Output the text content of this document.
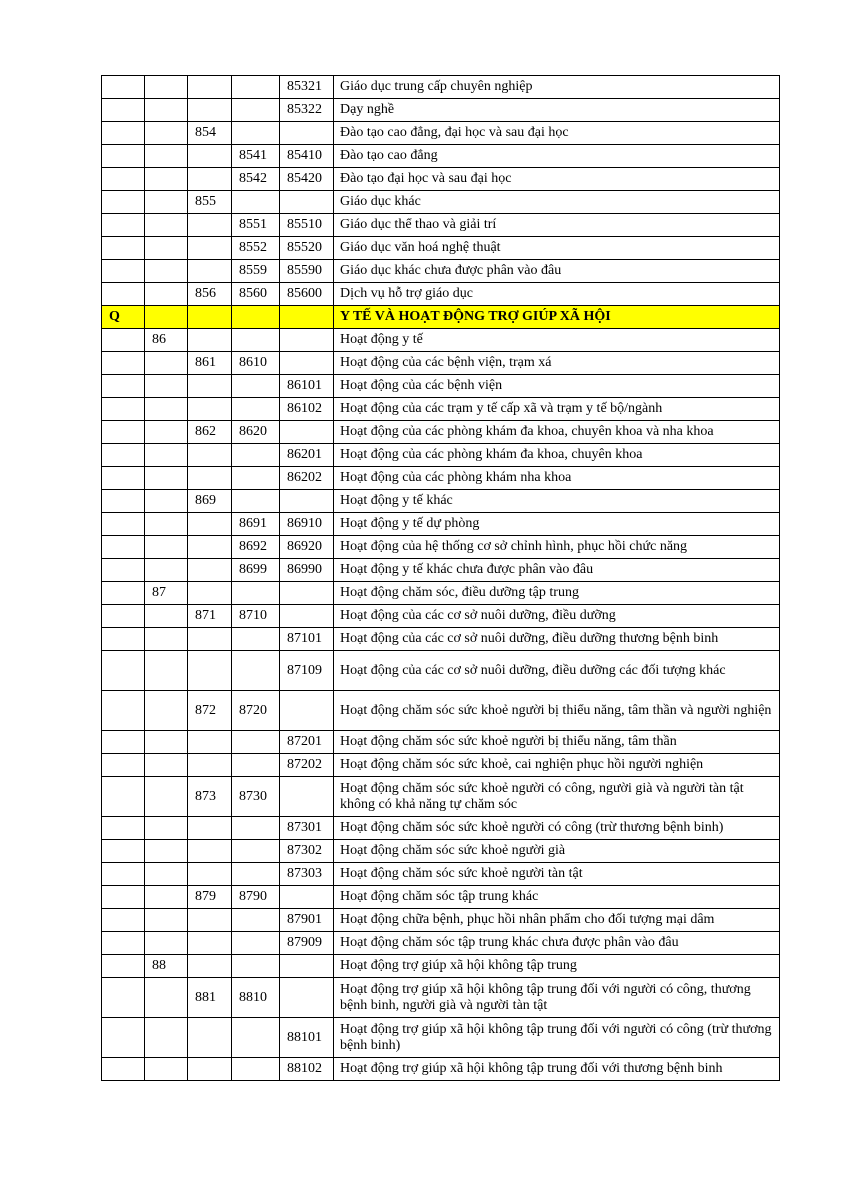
				85321	Giáo dục trung cấp chuyên nghiệp
				85322	Dạy nghề
		854			Đào tạo cao đẳng, đại học và sau đại học
			8541	85410	Đào tạo cao đẳng
			8542	85420	Đào tạo đại học và sau đại học
		855			Giáo dục khác
			8551	85510	Giáo dục thể thao và giải trí
			8552	85520	Giáo dục văn hoá nghệ thuật
			8559	85590	Giáo dục khác chưa được phân vào đâu
		856	8560	85600	Dịch vụ hỗ trợ giáo dục
Q					Y TẾ VÀ HOẠT ĐỘNG TRỢ GIÚP XÃ HỘI
	86				Hoạt động y tế
		861	8610		Hoạt động của các bệnh viện, trạm xá
				86101	Hoạt động của các bệnh viện
				86102	Hoạt động của các trạm y tế cấp xã và trạm y tế bộ/ngành
		862	8620		Hoạt động của các phòng khám đa khoa, chuyên khoa và nha khoa
				86201	Hoạt động của các phòng khám đa khoa, chuyên khoa
				86202	Hoạt động của các phòng khám nha khoa
		869			Hoạt động y tế khác
			8691	86910	Hoạt động y tế dự phòng
			8692	86920	Hoạt động của hệ thống cơ sở chỉnh hình, phục hồi chức năng
			8699	86990	Hoạt động y tế khác chưa được phân vào đâu
	87				Hoạt động chăm sóc, điều dưỡng tập trung
		871	8710		Hoạt động của các cơ sở nuôi dưỡng, điều dưỡng
				87101	Hoạt động của các cơ sở nuôi dưỡng, điều dưỡng thương bệnh binh
				87109	Hoạt động của các cơ sở nuôi dưỡng, điều dưỡng các đối tượng khác
		872	8720		Hoạt động chăm sóc sức khoẻ người bị thiểu năng, tâm thần và người nghiện
				87201	Hoạt động chăm sóc sức khoẻ người bị thiểu năng, tâm thần
				87202	Hoạt động chăm sóc sức khoẻ, cai nghiện phục hồi người nghiện
		873	8730		Hoạt động chăm sóc sức khoẻ người có công, người già và người tàn tật không có khả năng tự chăm sóc
				87301	Hoạt động chăm sóc sức khoẻ người có công (trừ thương bệnh binh)
				87302	Hoạt động chăm sóc sức khoẻ người già
				87303	Hoạt động chăm sóc sức khoẻ người tàn tật
		879	8790		Hoạt động chăm sóc tập trung khác
				87901	Hoạt động chữa bệnh, phục hồi nhân phẩm cho đối tượng mại dâm
				87909	Hoạt động chăm sóc tập trung khác chưa được phân vào đâu
	88				Hoạt động trợ giúp xã hội không tập trung
		881	8810		Hoạt động trợ giúp xã hội không tập trung đối với người có công, thương bệnh binh, người già và người tàn tật
				88101	Hoạt động trợ giúp xã hội không tập trung đối với người có công (trừ thương bệnh binh)
				88102	Hoạt động trợ giúp xã hội không tập trung đối với thương bệnh binh
